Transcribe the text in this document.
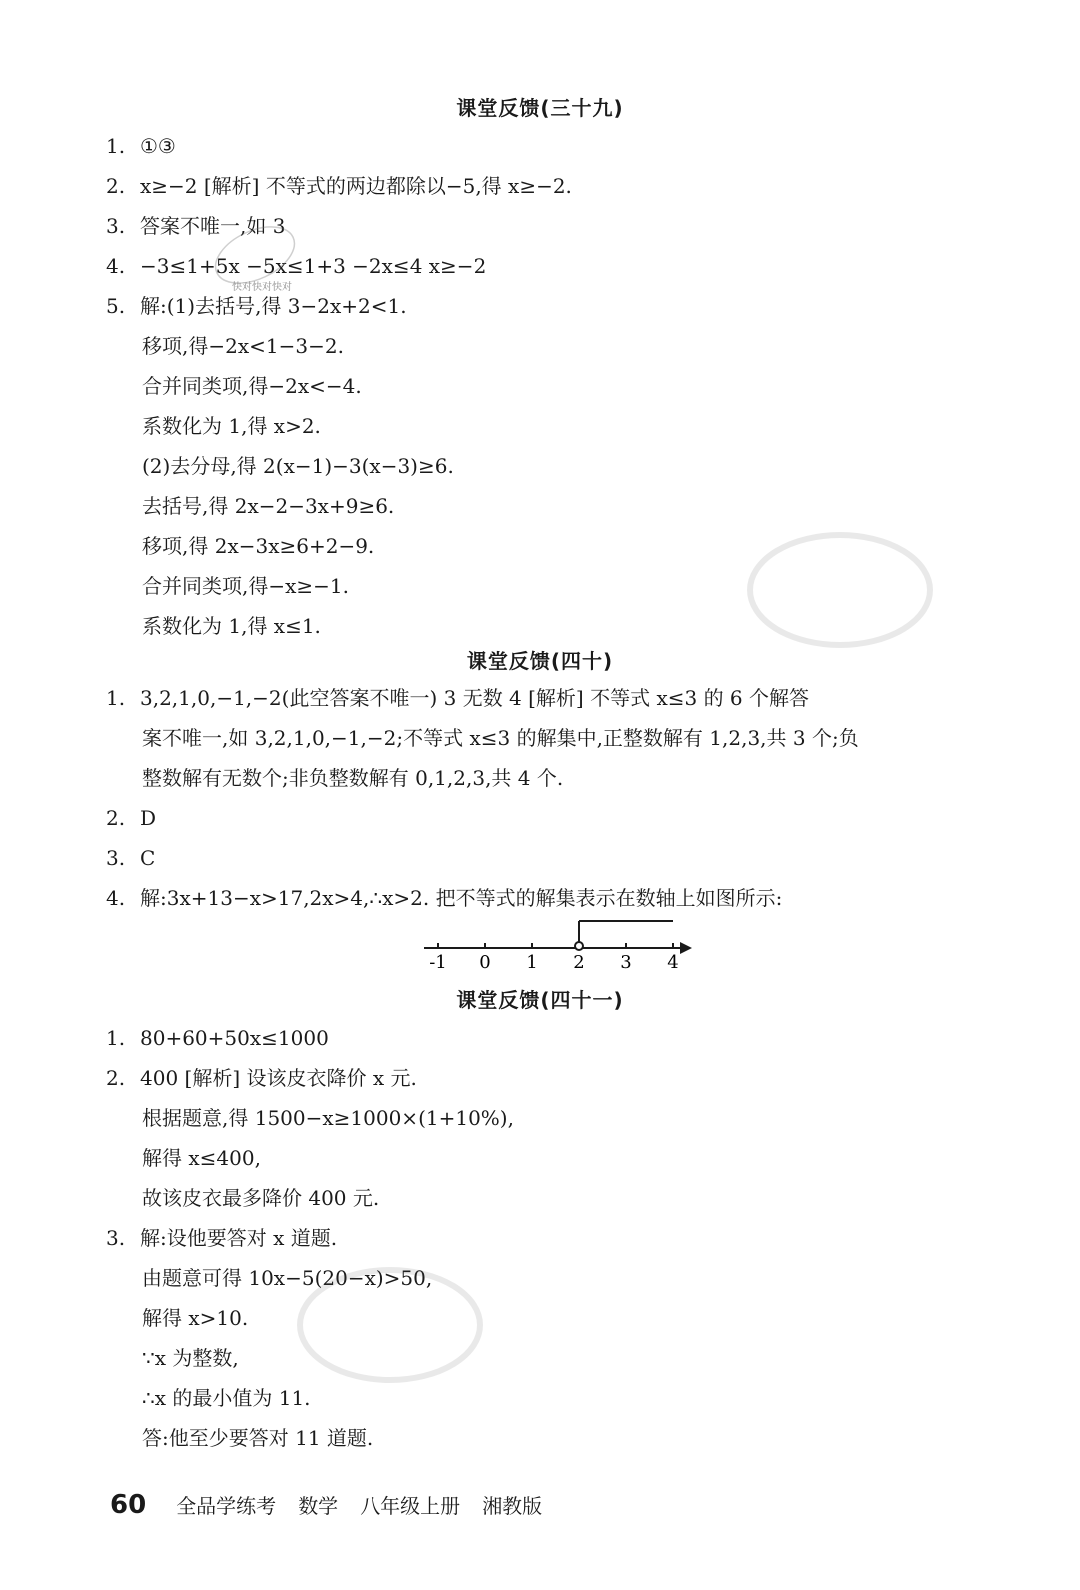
课堂反馈(三十九)
1. ①③
2. x≥−2 [解析] 不等式的两边都除以−5,得 x≥−2.
3. 答案不唯一,如 3
4. −3≤1+5x −5x≤1+3 −2x≤4 x≥−2
5. 解:(1)去括号,得 3−2x+2<1.
移项,得−2x<1−3−2.
合并同类项,得−2x<−4.
系数化为 1,得 x>2.
(2)去分母,得 2(x−1)−3(x−3)≥6.
去括号,得 2x−2−3x+9≥6.
移项,得 2x−3x≥6+2−9.
合并同类项,得−x≥−1.
系数化为 1,得 x≤1.
快对快对快对
课堂反馈(四十)
1. 3,2,1,0,−1,−2(此空答案不唯一) 3 无数 4 [解析] 不等式 x≤3 的 6 个解答
案不唯一,如 3,2,1,0,−1,−2;不等式 x≤3 的解集中,正整数解有 1,2,3,共 3 个;负
整数解有无数个;非负整数解有 0,1,2,3,共 4 个.
2. D
3. C
4. 解:3x+13−x>17,2x>4,∴x>2. 把不等式的解集表示在数轴上如图所示:
-1 0 1 2 3 4
课堂反馈(四十一)
1. 80+60+50x≤1000
2. 400 [解析] 设该皮衣降价 x 元.
根据题意,得 1500−x≥1000×(1+10%),
解得 x≤400,
故该皮衣最多降价 400 元.
3. 解:设他要答对 x 道题.
由题意可得 10x−5(20−x)>50,
解得 x>10.
∵x 为整数,
∴x 的最小值为 11.
答:他至少要答对 11 道题.
60 全品学练考 数学 八年级上册 湘教版
